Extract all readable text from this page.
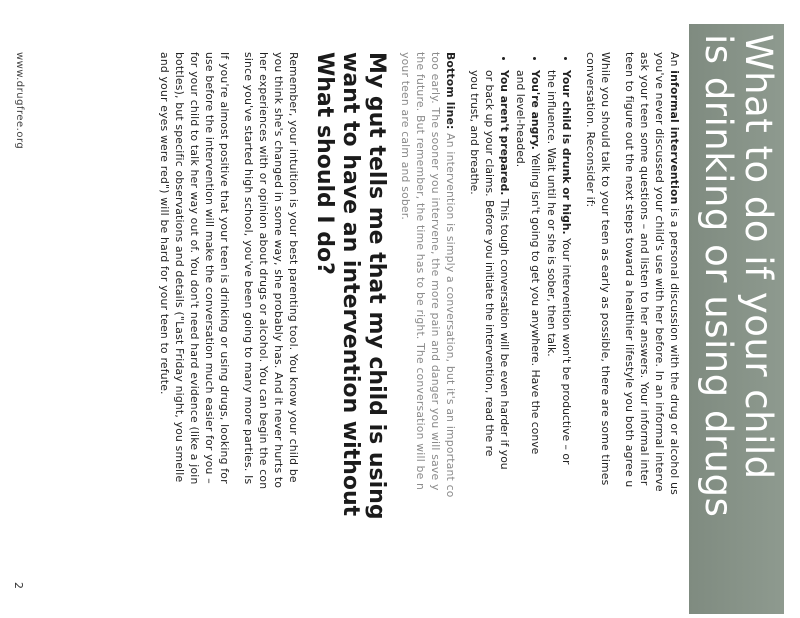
What to do if your child
is drinking or using drugs

An informal intervention is a personal discussion with the drug or alcohol us
you've never discussed your child's use with her before. In an informal interve
ask your teen some questions – and listen to her answers. Your informal inter
teen to figure out the next steps toward a healthier lifestyle you both agree u

While you should talk to your teen as early as possible, there are some times
conversation. Reconsider if:

• Your child is drunk or high. Your intervention won't be productive – or
the influence. Wait until he or she is sober, then talk.
• You're angry. Yelling isn't going to get you anywhere. Have the conve
and level-headed.
• You aren't prepared. This tough conversation will be even harder if you
or back up your claims. Before you initiate the intervention, read the re
you trust, and breathe.

Bottom line: An intervention is simply a conversation, but it's an important co
too early. The sooner you intervene, the more pain and danger you will save y
the future. But remember, the time has to be right. The conversation will be n
your teen are calm and sober.

My gut tells me that my child is using
want to have an intervention without
What should I do?

Remember, your intuition is your best parenting tool. You know your child be
you think she's changed in some way, she probably has. And it never hurts to
her experiences with or opinion about drugs or alcohol. You can begin the con
since you've started high school, you've been going to many more parties. Is

If you're almost positive that your teen is drinking or using drugs, looking for
use before the intervention will make the conversation much easier for you –
for your child to talk her way out of. You don't need hard evidence (like a join
bottles), but specific observations and details ("Last Friday night, you smelle
and your eyes were red") will be hard for your teen to refute.

www.drugfree.org
2
